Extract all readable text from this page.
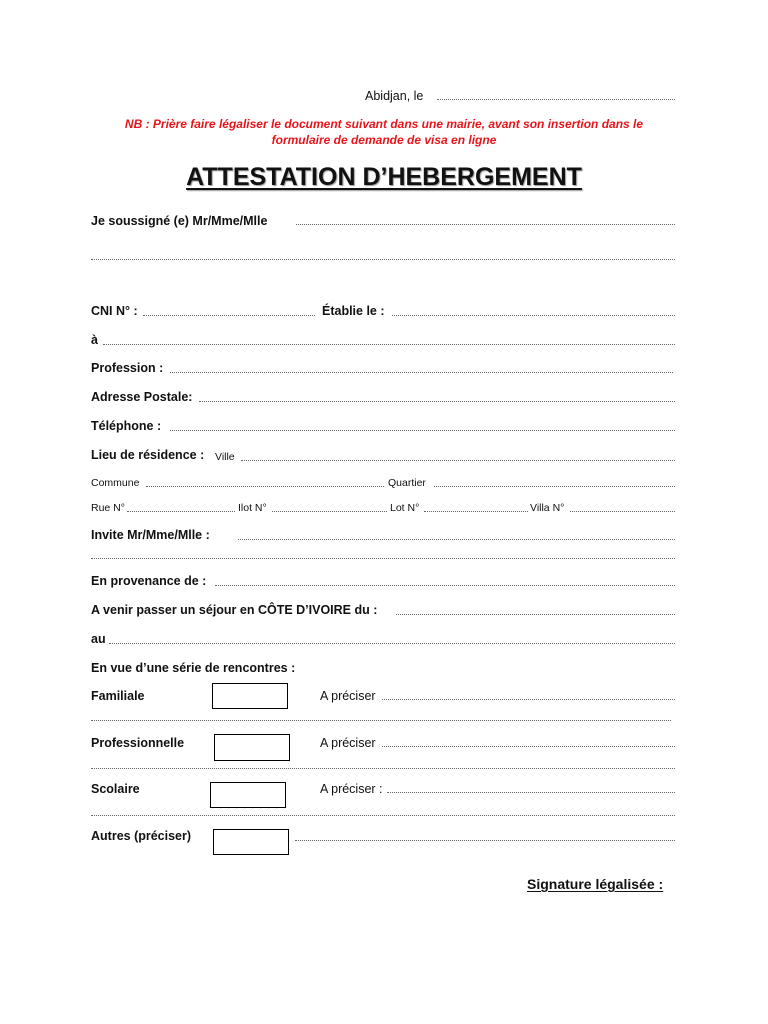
Abidjan, le
NB : Prière faire légaliser le document suivant dans une mairie, avant son insertion dans le
formulaire de demande de visa en ligne
ATTESTATION D’HEBERGEMENT
Je soussigné (e) Mr/Mme/Mlle
CNI N° :	Établie le :
à
Profession :
Adresse Postale:
Téléphone :
Lieu de résidence : Ville
Commune	Quartier
Rue N°	Ilot N°	Lot N°	Villa N°
Invite Mr/Mme/Mlle :
En provenance de :
A venir passer un séjour en CÔTE D’IVOIRE du :
au
En vue d’une série de rencontres :
Familiale	A préciser
Professionnelle	A préciser
Scolaire	A préciser :
Autres (préciser)
Signature légalisée :
